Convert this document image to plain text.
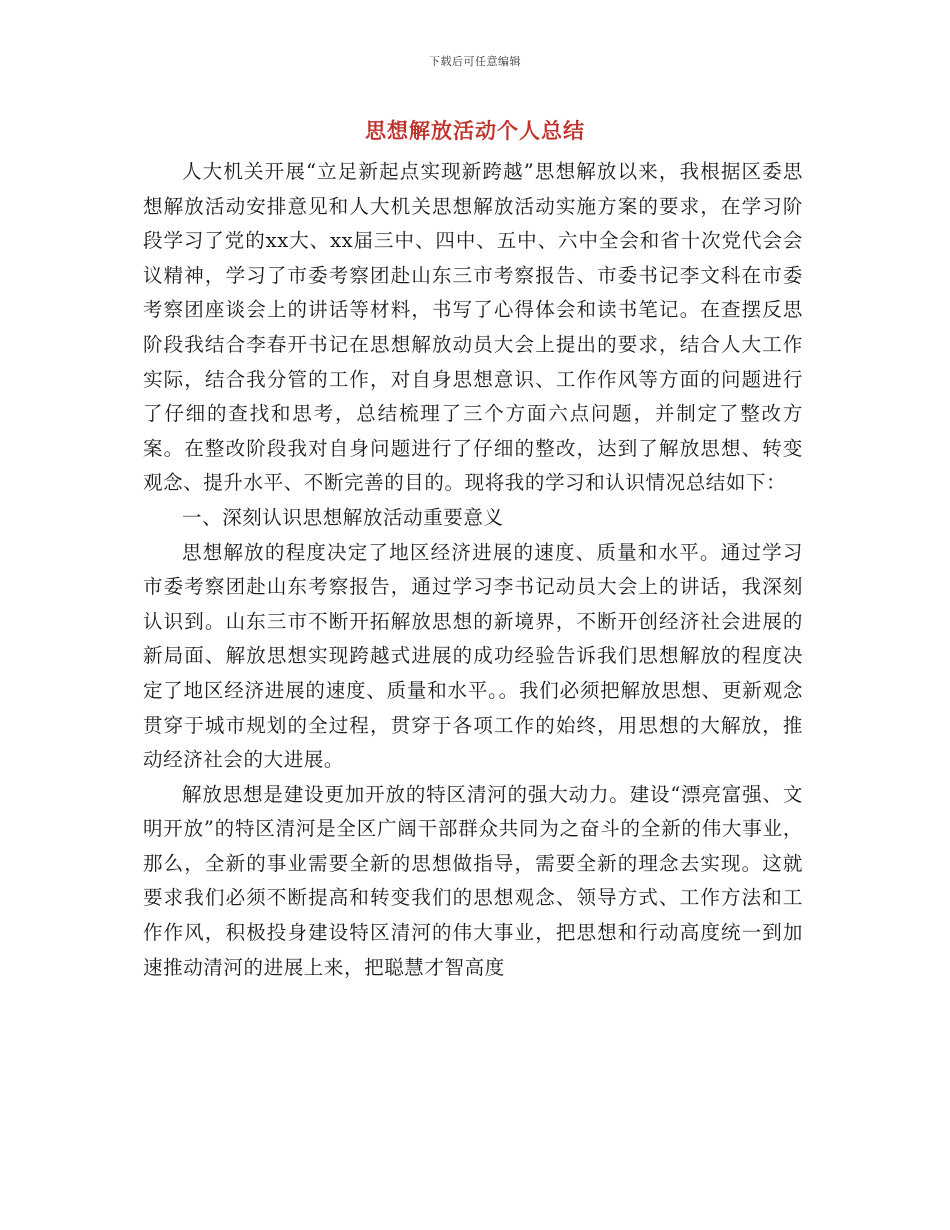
下载后可任意编辑
思想解放活动个人总结

人大机关开展“立足新起点实现新跨越”思想解放以来，我根据区委思想解放活动安排意见和人大机关思想解放活动实施方案的要求，在学习阶段学习了党的xx大、xx届三中、四中、五中、六中全会和省十次党代会会议精神，学习了市委考察团赴山东三市考察报告、市委书记李文科在市委考察团座谈会上的讲话等材料，书写了心得体会和读书笔记。在查摆反思阶段我结合李春开书记在思想解放动员大会上提出的要求，结合人大工作实际，结合我分管的工作，对自身思想意识、工作作风等方面的问题进行了仔细的查找和思考，总结梳理了三个方面六点问题，并制定了整改方案。在整改阶段我对自身问题进行了仔细的整改，达到了解放思想、转变观念、提升水平、不断完善的目的。现将我的学习和认识情况总结如下：

一、深刻认识思想解放活动重要意义

思想解放的程度决定了地区经济进展的速度、质量和水平。通过学习市委考察团赴山东考察报告，通过学习李书记动员大会上的讲话，我深刻认识到。山东三市不断开拓解放思想的新境界，不断开创经济社会进展的新局面、解放思想实现跨越式进展的成功经验告诉我们思想解放的程度决定了地区经济进展的速度、质量和水平。。我们必须把解放思想、更新观念贯穿于城市规划的全过程，贯穿于各项工作的始终，用思想的大解放，推动经济社会的大进展。

解放思想是建设更加开放的特区清河的强大动力。建设“漂亮富强、文明开放”的特区清河是全区广阔干部群众共同为之奋斗的全新的伟大事业，那么，全新的事业需要全新的思想做指导，需要全新的理念去实现。这就要求我们必须不断提高和转变我们的思想观念、领导方式、工作方法和工作作风，积极投身建设特区清河的伟大事业，把思想和行动高度统一到加速推动清河的进展上来，把聪慧才智高度
